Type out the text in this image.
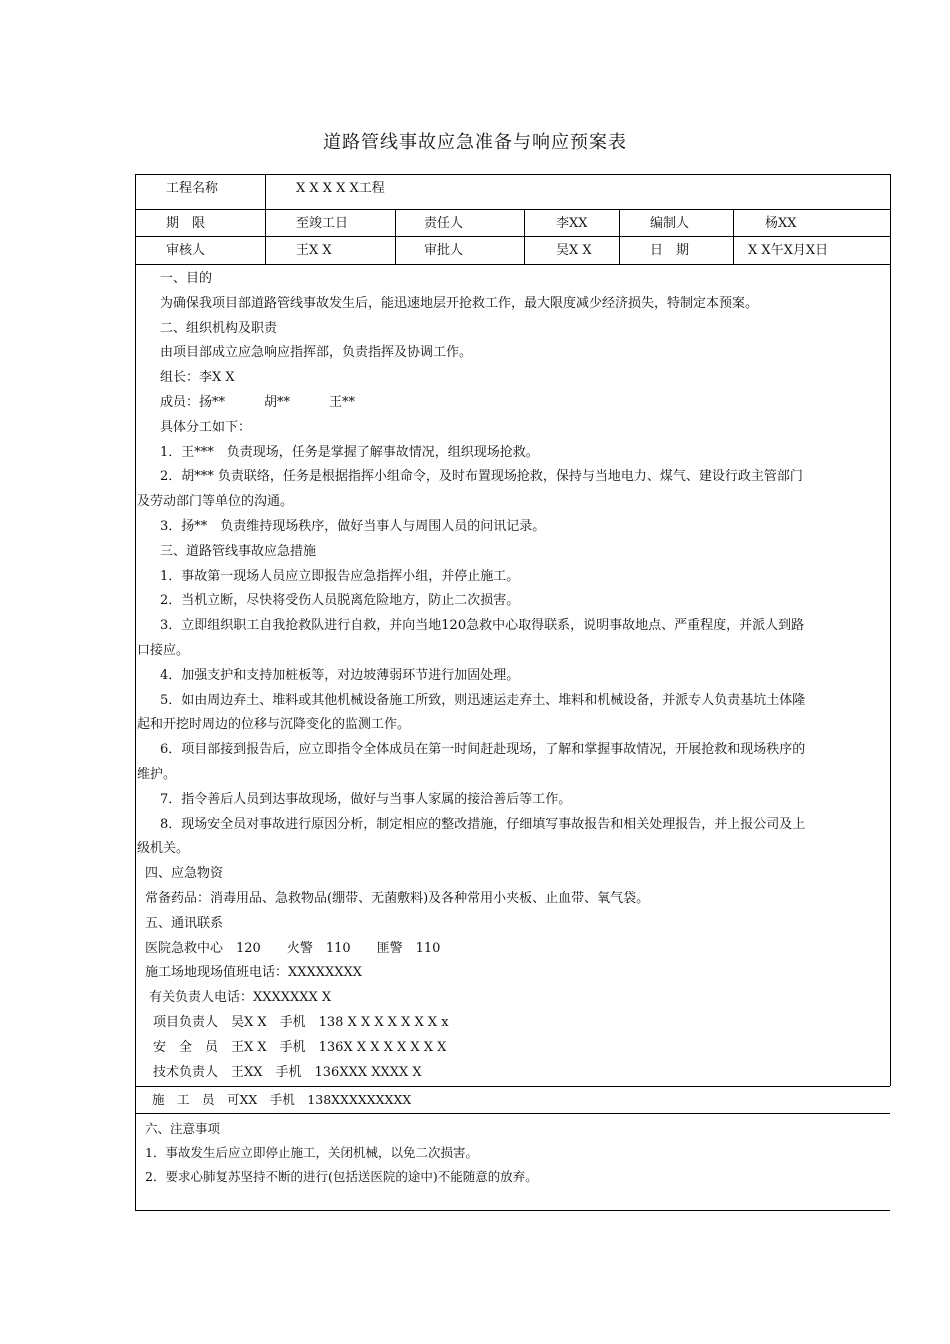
道路管线事故应急准备与响应预案表
工程名称	X X X X X工程
期　限	至竣工日	责任人	李XX	编制人	杨XX
审核人	王X X	审批人	吴X X	日　期	X X午X月X日

一、目的

为确保我项目部道路管线事故发生后，能迅速地层开抢救工作，最大限度减少经济损失，特制定本预案。

二、组织机构及职责

由项目部成立应急响应指挥部，负责指挥及协调工作。

组长：李X X

成员：扬**　　　胡**　　　王**

具体分工如下：

1．王***　负责现场，任务是掌握了解事故情况，组织现场抢救。

2．胡*** 负责联络，任务是根据指挥小组命令，及时布置现场抢救，保持与当地电力、煤气、建设行政主管部门

及劳动部门等单位的沟通。

3．扬**　负责维持现场秩序，做好当事人与周围人员的问讯记录。

三、道路管线事故应急措施

1．事故第一现场人员应立即报告应急指挥小组，并停止施工。

2．当机立断，尽快将受伤人员脱离危险地方，防止二次损害。

3．立即组织职工自我抢救队进行自救，并向当地120急救中心取得联系，说明事故地点、严重程度，并派人到路

口接应。

4．加强支护和支持加桩板等，对边坡薄弱环节进行加固处理。

5．如由周边弃土、堆料或其他机械设备施工所致，则迅速运走弃土、堆料和机械设备，并派专人负责基坑土体隆

起和开挖时周边的位移与沉降变化的监测工作。

6．项目部接到报告后，应立即指令全体成员在第一时间赶赴现场，了解和掌握事故情况，开展抢救和现场秩序的

维护。

7．指令善后人员到达事故现场，做好与当事人家属的接洽善后等工作。

8．现场安全员对事故进行原因分析，制定相应的整改措施，仔细填写事故报告和相关处理报告，并上报公司及上

级机关。

四、应急物资

常备药品：消毒用品、急救物品(绷带、无菌敷料)及各种常用小夹板、止血带、氧气袋。

五、通讯联系

医院急救中心　120　　火警　110　　匪警　110

施工场地现场值班电话：XXXXXXXX

有关负责人电话：XXXXXXX X

项目负责人　吴X X　手机　138 X X X X X X X x

安　全　员　王X X　手机　136X X X X X X X X

技术负责人　王XX　手机　136XXX XXXX X

施　工　员　可XX　手机　138XXXXXXXXX

六、注意事项

1．事故发生后应立即停止施工，关闭机械，以免二次损害。

2．要求心肺复苏坚持不断的进行(包括送医院的途中)不能随意的放弃。
